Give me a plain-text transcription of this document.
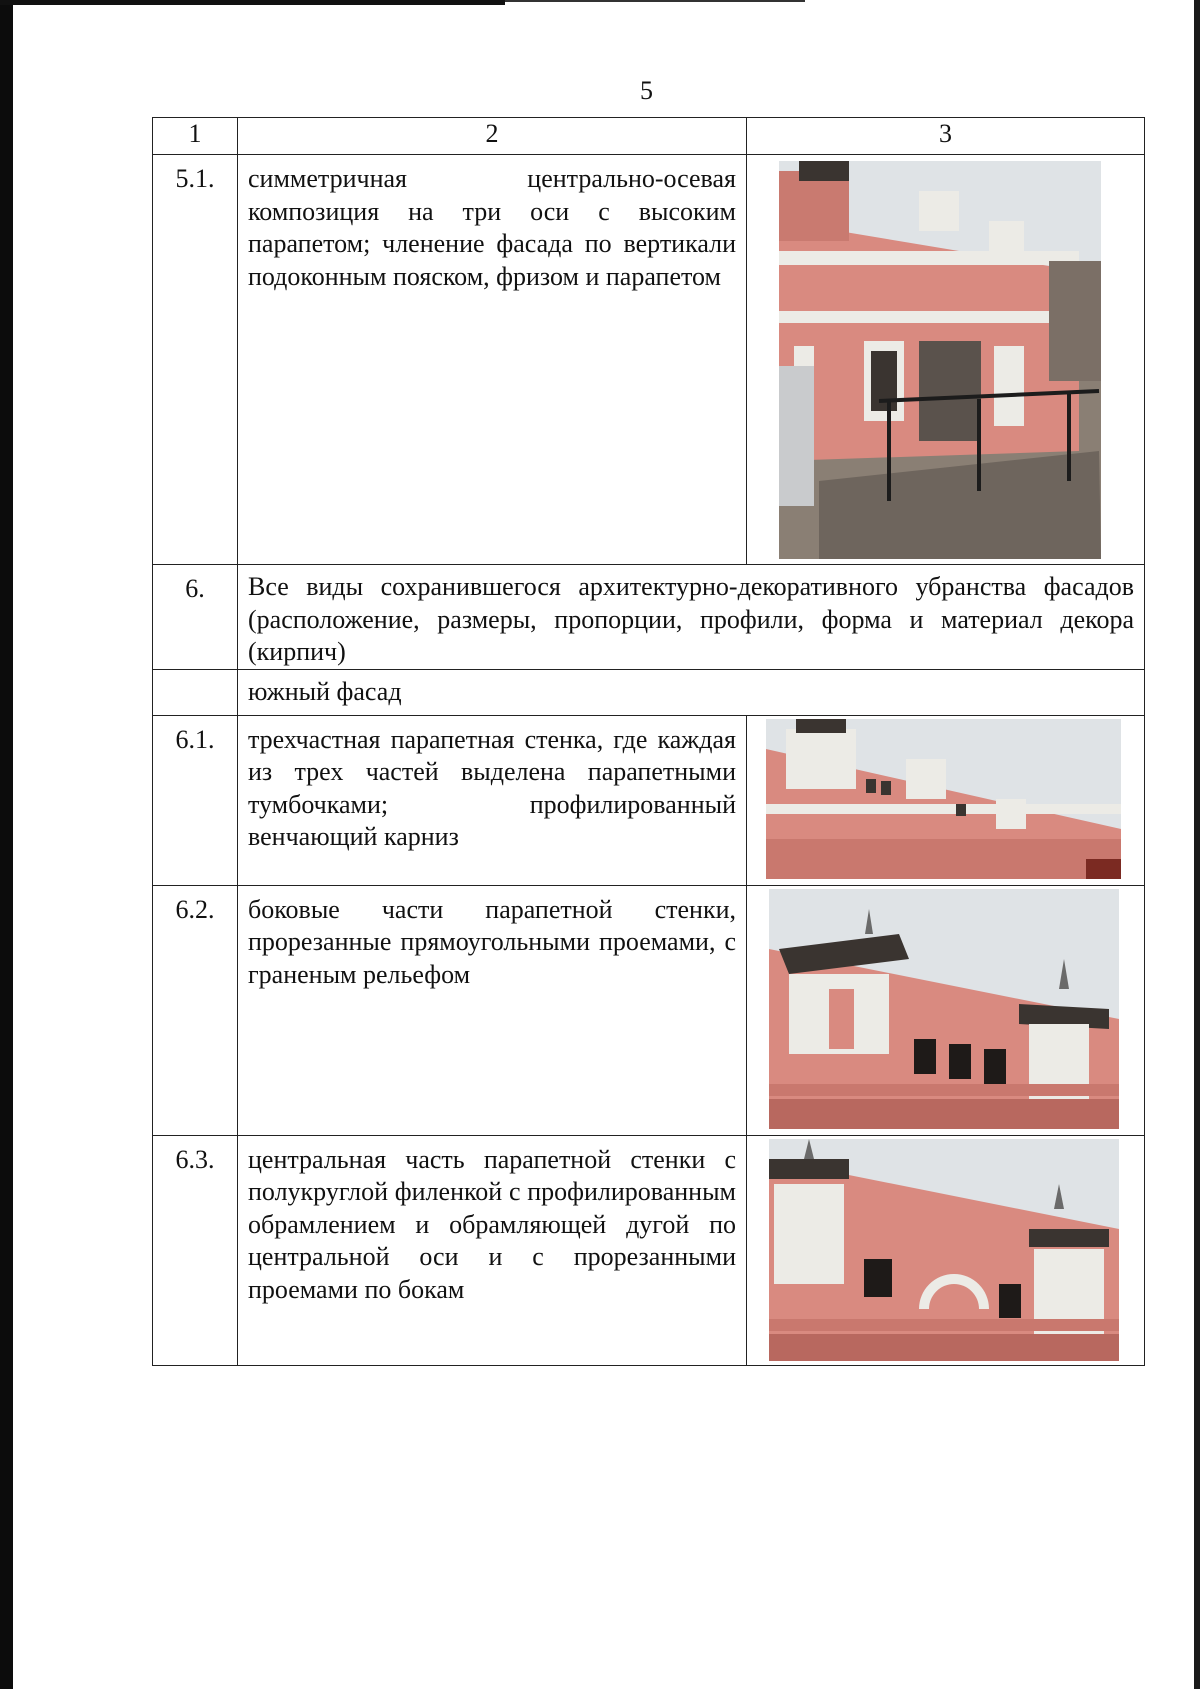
5
1	2	3
5.1.	симметричная центрально-осевая композиция на три оси с высоким парапетом; членение фасада по вертикали подоконным пояском, фризом и парапетом	

6.	Все виды сохранившегося архитектурно-декоративного убранства фасадов (расположение, размеры, пропорции, профили, форма и материал декора (кирпич)	
	южный фасад	
6.1.	трехчастная парапетная стенка, где каждая из трех частей выделена парапетными тумбочками; профилированный венчающий карниз	

6.2.	боковые части парапетной стенки, прорезанные прямоугольными проемами, с граненым рельефом	

6.3.	центральная часть парапетной стенки с полукруглой филенкой с профилированным обрамлением и обрамляющей дугой по центральной оси и с прорезанными проемами по бокам	
